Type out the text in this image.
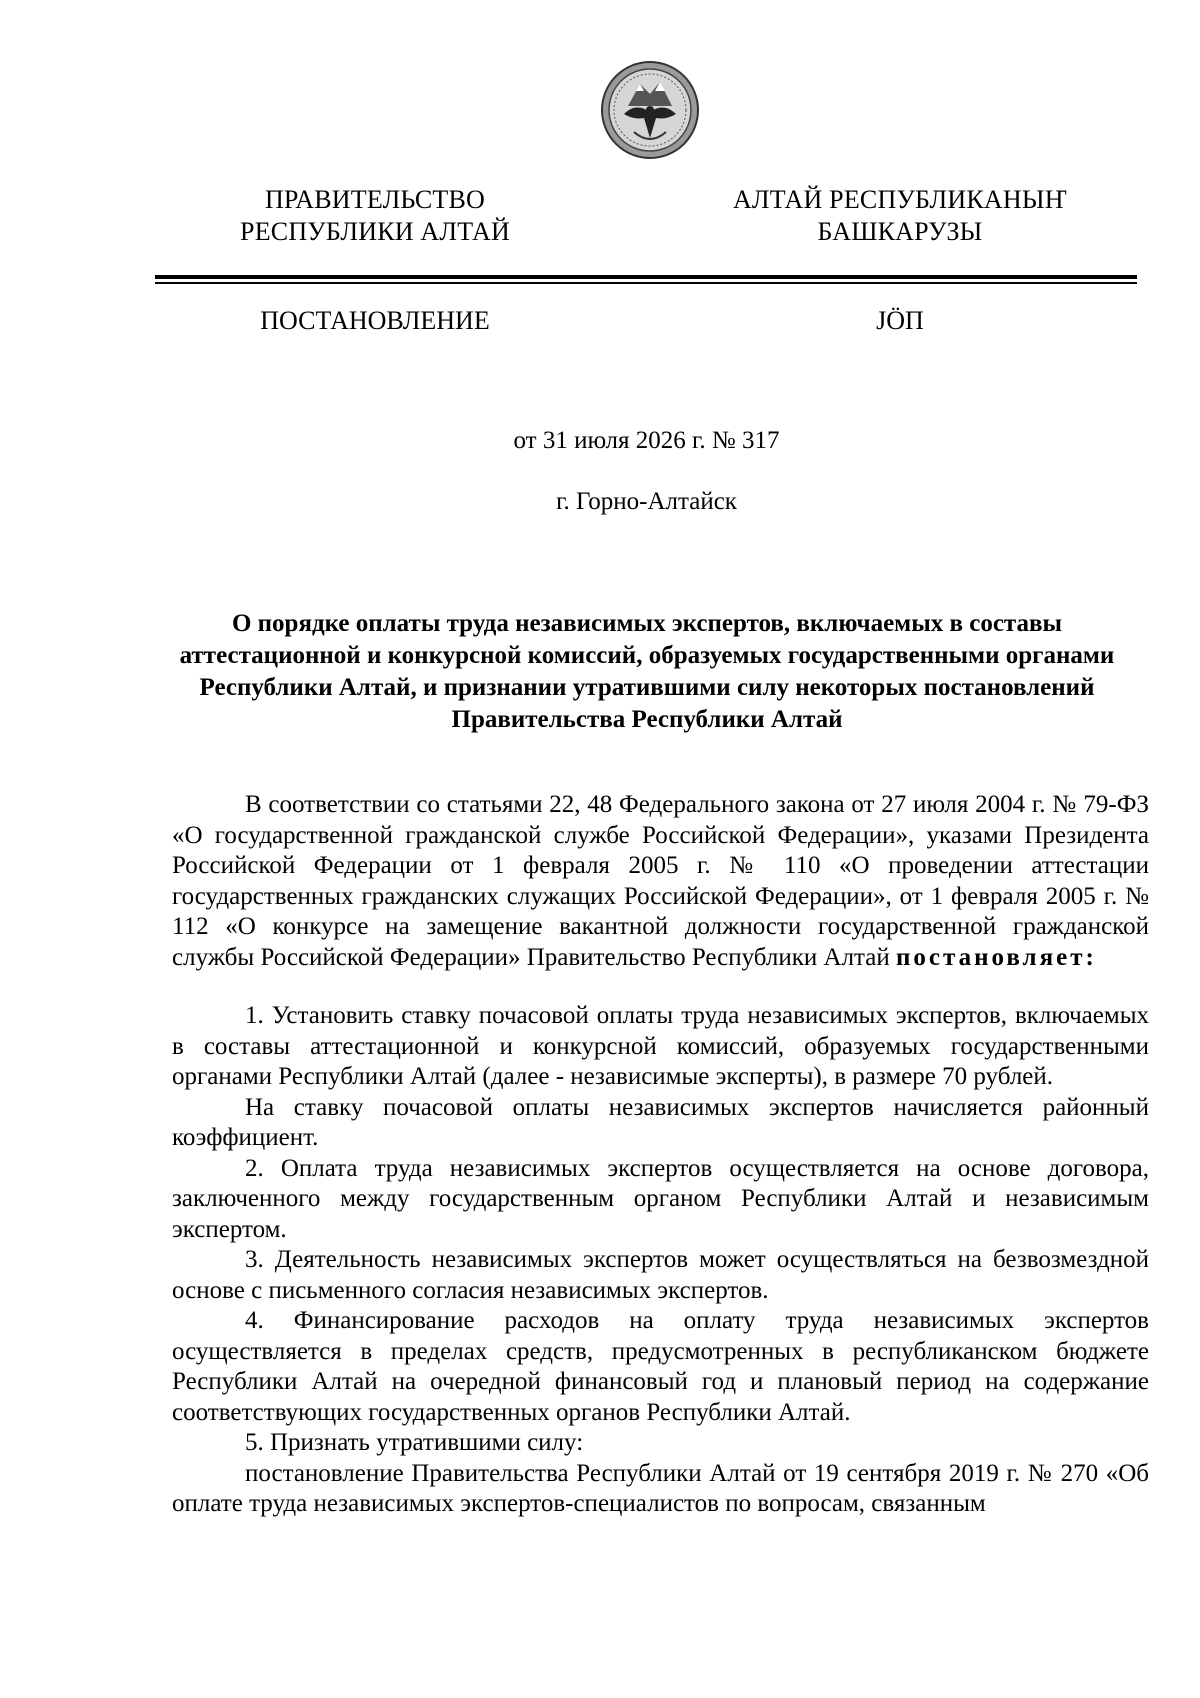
ПРАВИТЕЛЬСТВО
РЕСПУБЛИКИ АЛТАЙ
АЛТАЙ РЕСПУБЛИКАНЫҤ
БАШКАРУЗЫ
ПОСТАНОВЛЕНИЕ	ЈӦП
от 31 июля 2026 г. № 317
г. Горно-Алтайск
О порядке оплаты труда независимых экспертов, включаемых в составы
аттестационной и конкурсной комиссий, образуемых государственными органами
Республики Алтай, и признании утратившими силу некоторых постановлений
Правительства Республики Алтай

В соответствии со статьями 22, 48 Федерального закона от 27 июля 2004 г. № 79-ФЗ «О государственной гражданской службе Российской Федерации», указами Президента Российской Федерации от 1 февраля 2005 г. № 110 «О проведении аттестации государственных гражданских служащих Российской Федерации», от 1 февраля 2005 г. № 112 «О конкурсе на замещение вакантной должности государственной гражданской службы Российской Федерации» Правительство Республики Алтай постановляет:

1. Установить ставку почасовой оплаты труда независимых экспертов, включаемых в составы аттестационной и конкурсной комиссий, образуемых государственными органами Республики Алтай (далее - независимые эксперты), в размере 70 рублей.

На ставку почасовой оплаты независимых экспертов начисляется районный коэффициент.

2. Оплата труда независимых экспертов осуществляется на основе договора, заключенного между государственным органом Республики Алтай и независимым экспертом.

3. Деятельность независимых экспертов может осуществляться на безвозмездной основе с письменного согласия независимых экспертов.

4. Финансирование расходов на оплату труда независимых экспертов осуществляется в пределах средств, предусмотренных в республиканском бюджете Республики Алтай на очередной финансовый год и плановый период на содержание соответствующих государственных органов Республики Алтай.

5. Признать утратившими силу:

постановление Правительства Республики Алтай от 19 сентября 2019 г. № 270 «Об оплате труда независимых экспертов-специалистов по вопросам, связанным
